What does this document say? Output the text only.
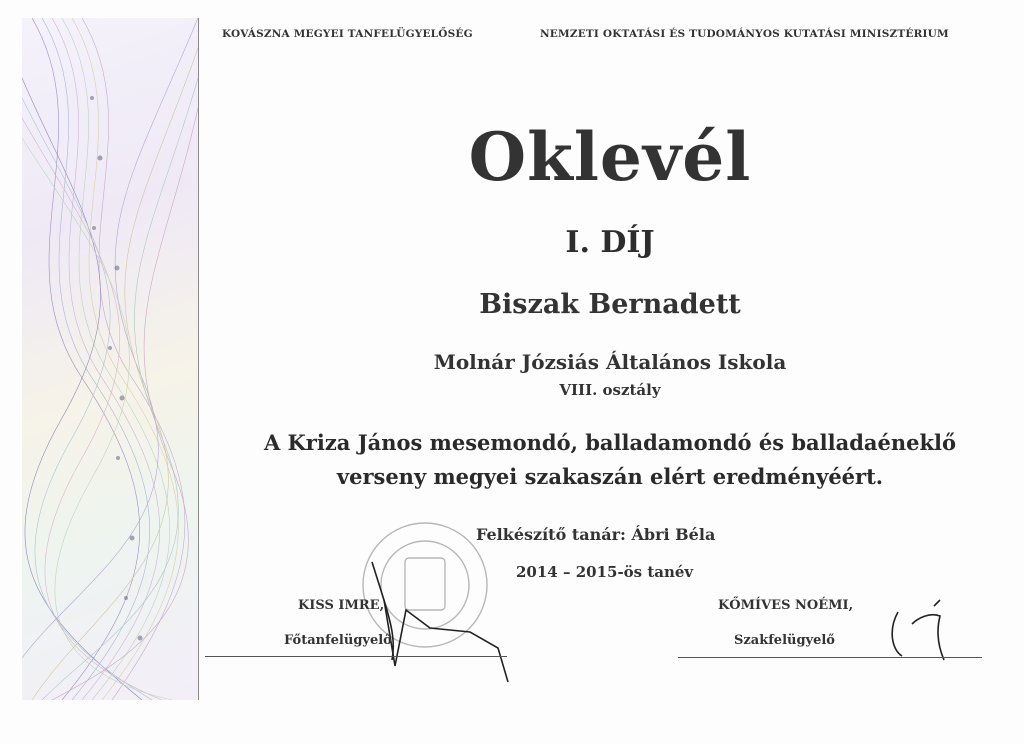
KOVÁSZNA MEGYEI TANFELÜGYELŐSÉG	NEMZETI OKTATÁSI ÉS TUDOMÁNYOS KUTATÁSI MINISZTÉRIUM
Oklevél
I. DÍJ
Biszak Bernadett
Molnár Józsiás Általános Iskola
VIII. osztály
A Kriza János mesemondó, balladamondó és balladaéneklő
verseny megyei szakaszán elért eredményéért.
Felkészítő tanár: Ábri Béla
2014 – 2015-ös tanév
KISS IMRE,
Főtanfelügyelő
KŐMÍVES NOÉMI,
Szakfelügyelő
